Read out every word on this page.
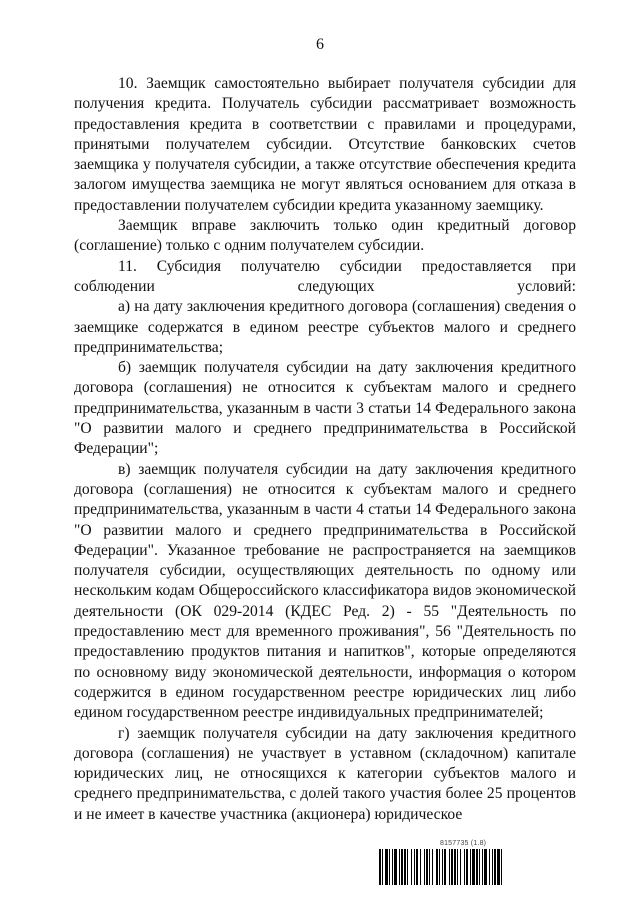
6

10. Заемщик самостоятельно выбирает получателя субсидии для получения кредита. Получатель субсидии рассматривает возможность предоставления кредита в соответствии с правилами и процедурами, принятыми получателем субсидии. Отсутствие банковских счетов заемщика у получателя субсидии, а также отсутствие обеспечения кредита залогом имущества заемщика не могут являться основанием для отказа в предоставлении получателем субсидии кредита указанному заемщику.

Заемщик вправе заключить только один кредитный договор (соглашение) только с одним получателем субсидии.

11. Субсидия получателю субсидии предоставляется при соблюдении следующих условий:

а) на дату заключения кредитного договора (соглашения) сведения о заемщике содержатся в едином реестре субъектов малого и среднего предпринимательства;

б) заемщик получателя субсидии на дату заключения кредитного договора (соглашения) не относится к субъектам малого и среднего предпринимательства, указанным в части 3 статьи 14 Федерального закона "О развитии малого и среднего предпринимательства в Российской Федерации";

в) заемщик получателя субсидии на дату заключения кредитного договора (соглашения) не относится к субъектам малого и среднего предпринимательства, указанным в части 4 статьи 14 Федерального закона "О развитии малого и среднего предпринимательства в Российской Федерации". Указанное требование не распространяется на заемщиков получателя субсидии, осуществляющих деятельность по одному или нескольким кодам Общероссийского классификатора видов экономической деятельности (ОК 029-2014 (КДЕС Ред. 2) - 55 "Деятельность по предоставлению мест для временного проживания", 56 "Деятельность по предоставлению продуктов питания и напитков", которые определяются по основному виду экономической деятельности, информация о котором содержится в едином государственном реестре юридических лиц либо едином государственном реестре индивидуальных предпринимателей;

г) заемщик получателя субсидии на дату заключения кредитного договора (соглашения) не участвует в уставном (складочном) капитале юридических лиц, не относящихся к категории субъектов малого и среднего предпринимательства, с долей такого участия более 25 процентов и не имеет в качестве участника (акционера) юридическое

8157735 (1.8)
